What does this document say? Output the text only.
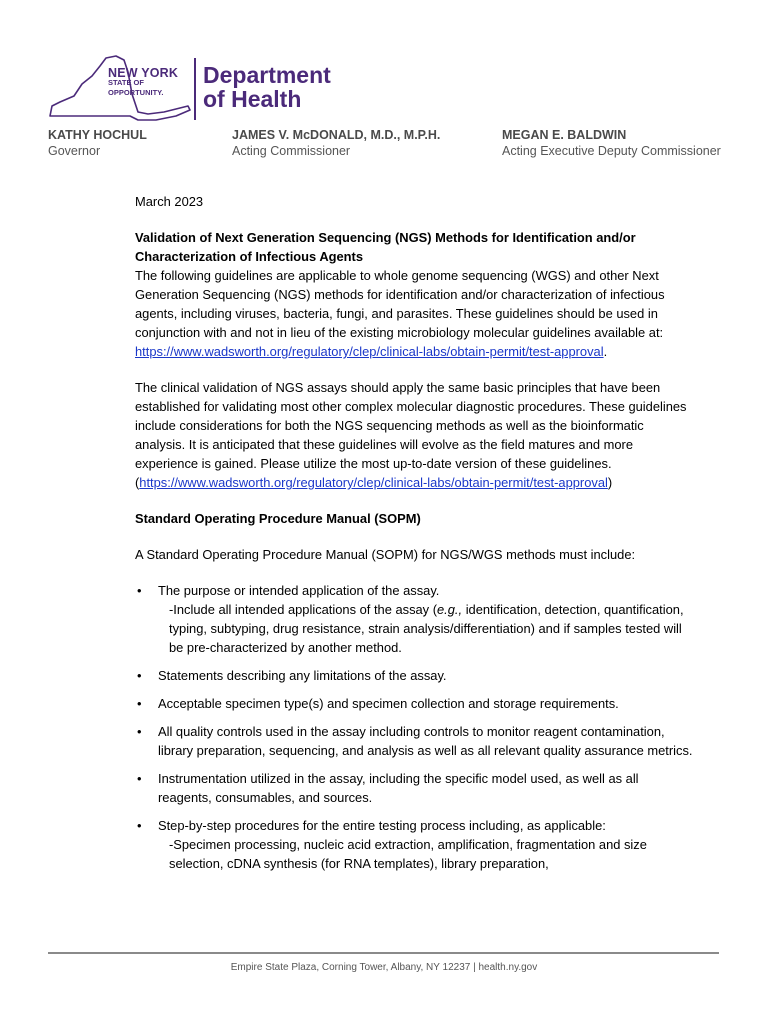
NEW YORK
STATE OF
OPPORTUNITY.
Department
of Health
KATHY HOCHUL
Governor
JAMES V. McDONALD, M.D., M.P.H.
Acting Commissioner
MEGAN E. BALDWIN
Acting Executive Deputy Commissioner

March 2023

Validation of Next Generation Sequencing (NGS) Methods for Identification and/or Characterization of Infectious Agents

The following guidelines are applicable to whole genome sequencing (WGS) and other Next Generation Sequencing (NGS) methods for identification and/or characterization of infectious agents, including viruses, bacteria, fungi, and parasites. These guidelines should be used in conjunction with and not in lieu of the existing microbiology molecular guidelines available at: https://www.wadsworth.org/regulatory/clep/clinical-labs/obtain-permit/test-approval.

The clinical validation of NGS assays should apply the same basic principles that have been established for validating most other complex molecular diagnostic procedures. These guidelines include considerations for both the NGS sequencing methods as well as the bioinformatic analysis. It is anticipated that these guidelines will evolve as the field matures and more experience is gained. Please utilize the most up-to-date version of these guidelines. (https://www.wadsworth.org/regulatory/clep/clinical-labs/obtain-permit/test-approval)

Standard Operating Procedure Manual (SOPM)

A Standard Operating Procedure Manual (SOPM) for NGS/WGS methods must include:

• The purpose or intended application of the assay.
-Include all intended applications of the assay (e.g., identification, detection, quantification, typing, subtyping, drug resistance, strain analysis/differentiation) and if samples tested will be pre-characterized by another method.
• Statements describing any limitations of the assay.
• Acceptable specimen type(s) and specimen collection and storage requirements.
• All quality controls used in the assay including controls to monitor reagent contamination, library preparation, sequencing, and analysis as well as all relevant quality assurance metrics.
• Instrumentation utilized in the assay, including the specific model used, as well as all reagents, consumables, and sources.
• Step-by-step procedures for the entire testing process including, as applicable:
-Specimen processing, nucleic acid extraction, amplification, fragmentation and size selection, cDNA synthesis (for RNA templates), library preparation,
Empire State Plaza, Corning Tower, Albany, NY 12237 | health.ny.gov
